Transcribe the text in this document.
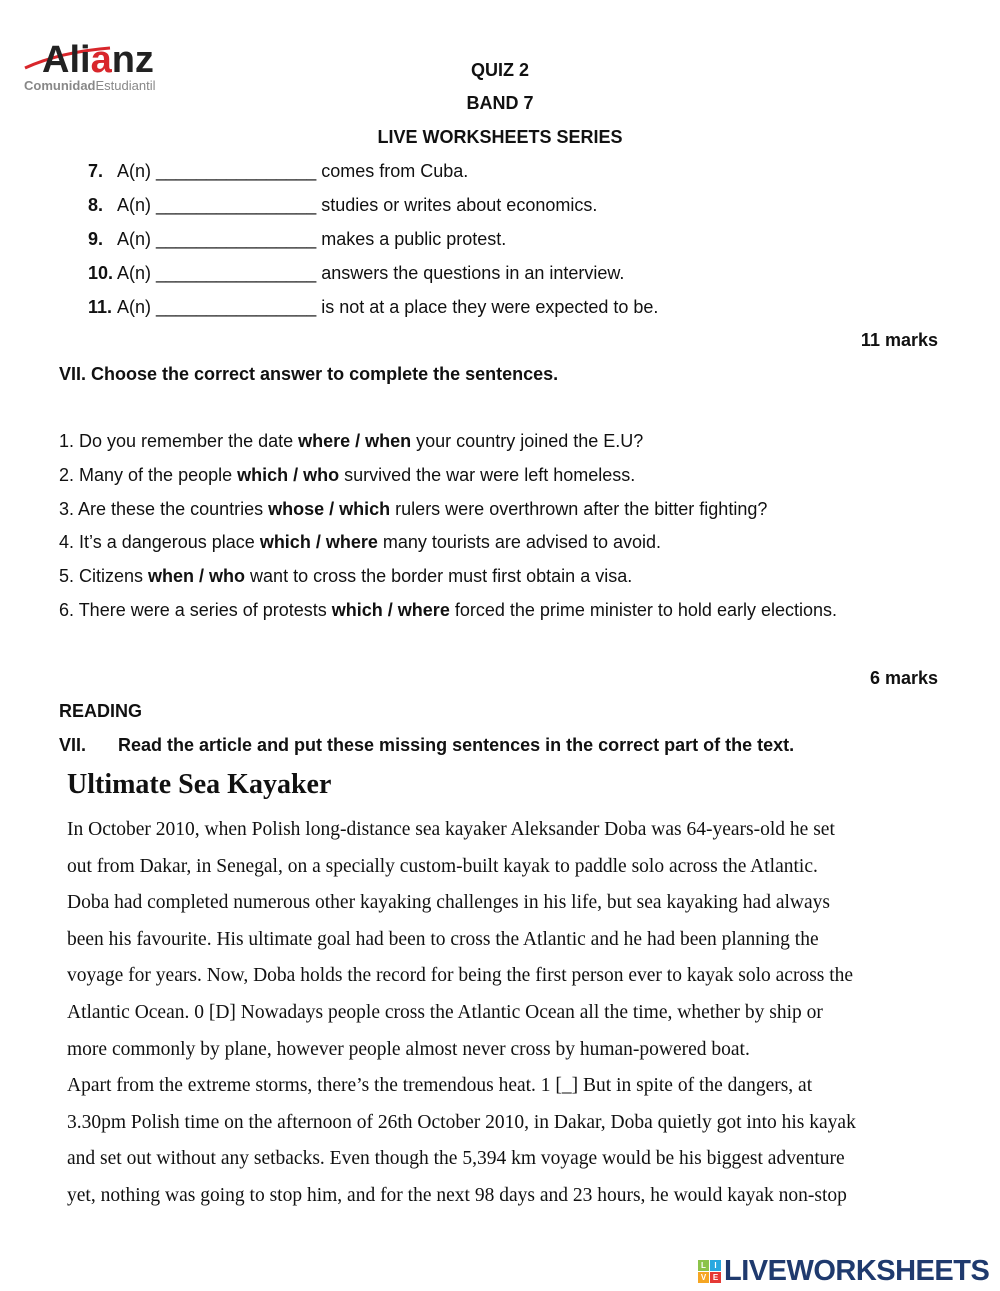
Alianz
ComunidadEstudiantil
QUIZ 2
BAND 7
LIVE WORKSHEETS SERIES
7. A(n) ________________ comes from Cuba.
8. A(n) ________________ studies or writes about economics.
9. A(n) ________________ makes a public protest.
10. A(n) ________________ answers the questions in an interview.
11. A(n) ________________ is not at a place they were expected to be.
11 marks
VII. Choose the correct answer to complete the sentences.
1. Do you remember the date where / when your country joined the E.U?
2. Many of the people which / who survived the war were left homeless.
3. Are these the countries whose / which rulers were overthrown after the bitter fighting?
4. It’s a dangerous place which / where many tourists are advised to avoid.
5. Citizens when / who want to cross the border must first obtain a visa.
6. There were a series of protests which / where forced the prime minister to hold early elections.
6 marks
READING
VII. Read the article and put these missing sentences in the correct part of the text.
Ultimate Sea Kayaker
In October 2010, when Polish long-distance sea kayaker Aleksander Doba was 64-years-old he set
out from Dakar, in Senegal, on a specially custom-built kayak to paddle solo across the Atlantic.
Doba had completed numerous other kayaking challenges in his life, but sea kayaking had always
been his favourite. His ultimate goal had been to cross the Atlantic and he had been planning the
voyage for years. Now, Doba holds the record for being the first person ever to kayak solo across the
Atlantic Ocean. 0 [D] Nowadays people cross the Atlantic Ocean all the time, whether by ship or
more commonly by plane, however people almost never cross by human-powered boat.
Apart from the extreme storms, there’s the tremendous heat. 1 [_] But in spite of the dangers, at
3.30pm Polish time on the afternoon of 26th October 2010, in Dakar, Doba quietly got into his kayak
and set out without any setbacks. Even though the 5,394 km voyage would be his biggest adventure
yet, nothing was going to stop him, and for the next 98 days and 23 hours, he would kayak non-stop
L	I
V E LIVEWORKSHEETS
